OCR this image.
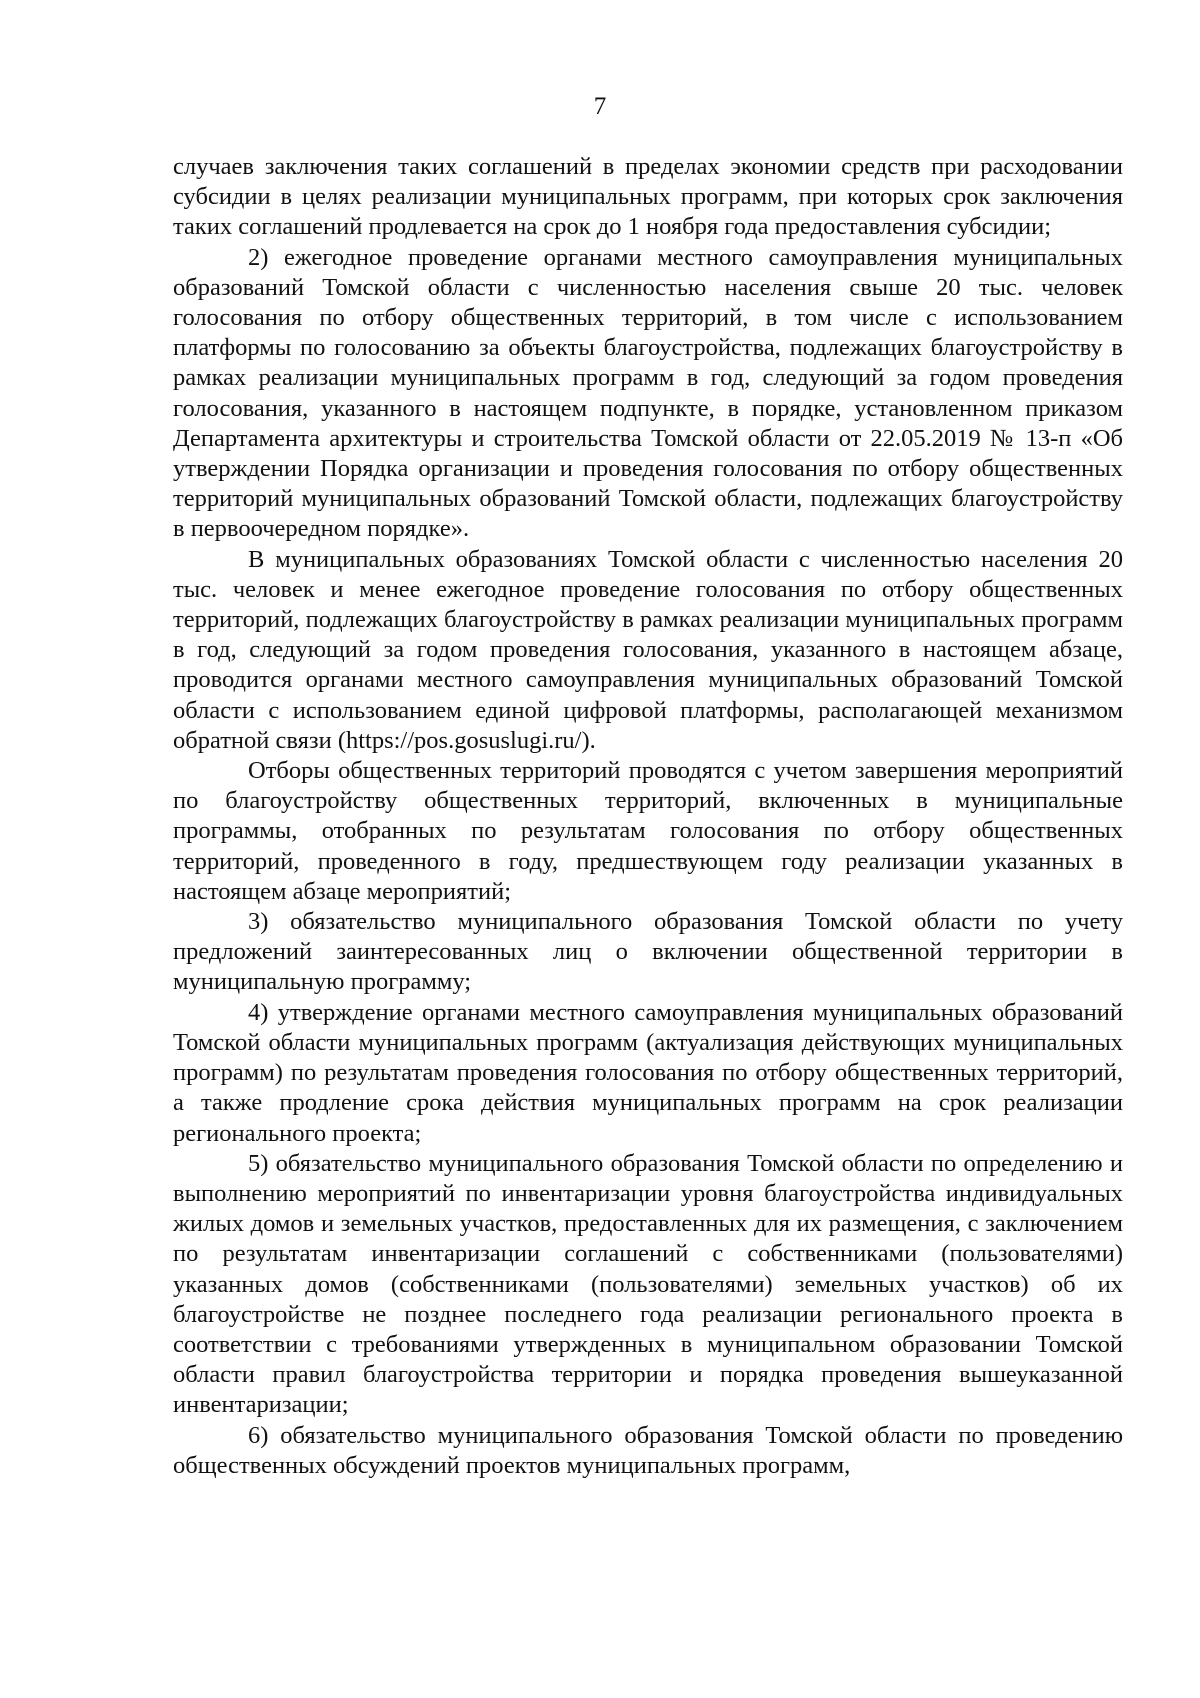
7

случаев заключения таких соглашений в пределах экономии средств при расходовании субсидии в целях реализации муниципальных программ, при которых срок заключения таких соглашений продлевается на срок до 1 ноября года предоставления субсидии;

2) ежегодное проведение органами местного самоуправления муниципальных образований Томской области с численностью населения свыше 20 тыс. человек голосования по отбору общественных территорий, в том числе с использованием платформы по голосованию за объекты благоустройства, подлежащих благоустройству в рамках реализации муниципальных программ в год, следующий за годом проведения голосования, указанного в настоящем подпункте, в порядке, установленном приказом Департамента архитектуры и строительства Томской области от 22.05.2019 № 13-п «Об утверждении Порядка организации и проведения голосования по отбору общественных территорий муниципальных образований Томской области, подлежащих благоустройству в первоочередном порядке».

В муниципальных образованиях Томской области с численностью населения 20 тыс. человек и менее ежегодное проведение голосования по отбору общественных территорий, подлежащих благоустройству в рамках реализации муниципальных программ в год, следующий за годом проведения голосования, указанного в настоящем абзаце, проводится органами местного самоуправления муниципальных образований Томской области с использованием единой цифровой платформы, располагающей механизмом обратной связи (https://pos.gosuslugi.ru/).

Отборы общественных территорий проводятся с учетом завершения мероприятий по благоустройству общественных территорий, включенных в муниципальные программы, отобранных по результатам голосования по отбору общественных территорий, проведенного в году, предшествующем году реализации указанных в настоящем абзаце мероприятий;

3) обязательство муниципального образования Томской области по учету предложений заинтересованных лиц о включении общественной территории в муниципальную программу;

4) утверждение органами местного самоуправления муниципальных образований Томской области муниципальных программ (актуализация действующих муниципальных программ) по результатам проведения голосования по отбору общественных территорий, а также продление срока действия муниципальных программ на срок реализации регионального проекта;

5) обязательство муниципального образования Томской области по определению и выполнению мероприятий по инвентаризации уровня благоустройства индивидуальных жилых домов и земельных участков, предоставленных для их размещения, с заключением по результатам инвентаризации соглашений с собственниками (пользователями) указанных домов (собственниками (пользователями) земельных участков) об их благоустройстве не позднее последнего года реализации регионального проекта в соответствии с требованиями утвержденных в муниципальном образовании Томской области правил благоустройства территории и порядка проведения вышеуказанной инвентаризации;

6) обязательство муниципального образования Томской области по проведению общественных обсуждений проектов муниципальных программ,
